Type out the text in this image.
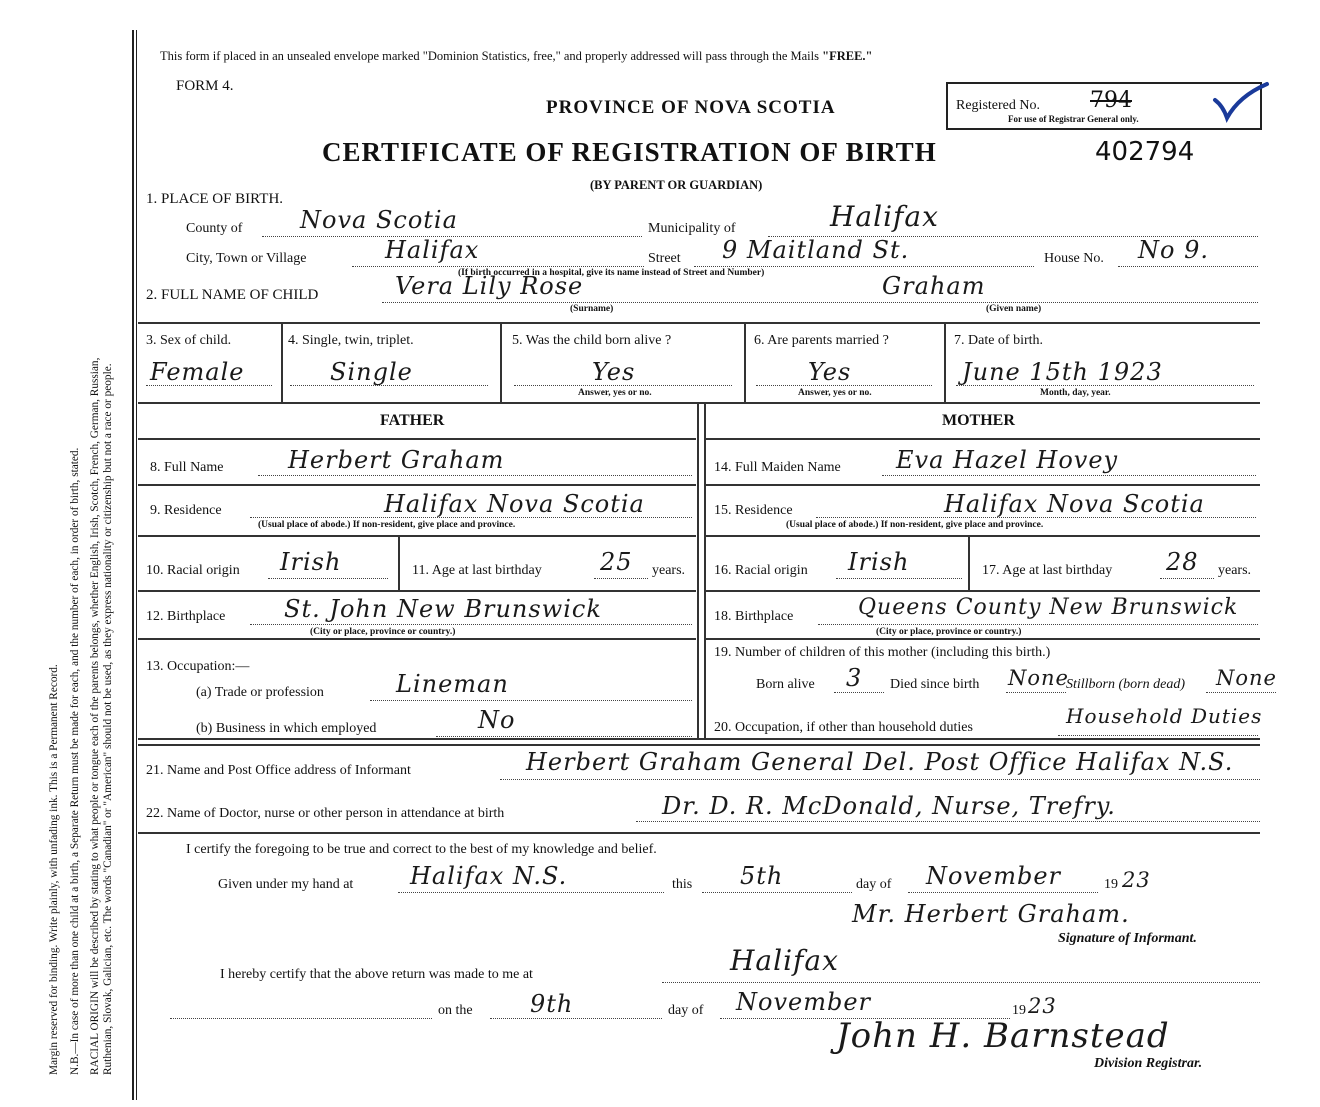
Margin reserved for binding. Write plainly, with unfading ink. This is a Permanent Record. N.B.—In case of more than one child at a birth, a Separate Return must be made for each, and the number of each, in order of birth, stated. RACIAL ORIGIN will be described by stating to what people or tongue each of the parents belongs, whether English, Irish, Scotch, French, German, Russian, Ruthenian, Slovak, Galician, etc. The words "Canadian" or "American" should not be used, as they express nationality or citizenship but not a race or people.
This form if placed in an unsealed envelope marked "Dominion Statistics, free," and properly addressed will pass through the Mails "FREE."
FORM 4.
PROVINCE OF NOVA SCOTIA
CERTIFICATE OF REGISTRATION OF BIRTH	402794
(BY PARENT OR GUARDIAN)
Registered No. 794
For use of Registrar General only.
1. PLACE OF BIRTH.
County of Nova Scotia	Municipality of	Halifax
City, Town or Village	Halifax	Street 9 Maitland St.
(If birth occurred in a hospital, give its name instead of Street and Number)
House No. No 9.
2. FULL NAME OF CHILD	Vera Lily Rose	Graham
(Surname)	(Given name)
3. Sex of child.	4. Single, twin, triplet.	5. Was the child born alive ?	6. Are parents married ?	7. Date of birth.
Female	Single	Yes	Yes	June 15th 1923
Answer, yes or no.	Answer, yes or no.	Month, day, year.
FATHER
8. Full Name	Herbert Graham
9. Residence	Halifax Nova Scotia
(Usual place of abode.) If non-resident, give place and province.
10. Racial origin Irish	11. Age at last birthday 25 years.
12. Birthplace St. John New Brunswick
(City or place, province or country.)
13. Occupation:—
(a) Trade or profession	Lineman
(b) Business in which employed	No
MOTHER
14. Full Maiden Name Eva Hazel Hovey
15. Residence	Halifax Nova Scotia
(Usual place of abode.) If non-resident, give place and province.
16. Racial origin Irish	17. Age at last birthday 28 years.
18. Birthplace	Queens County New Brunswick
(City or place, province or country.)
19. Number of children of this mother (including this birth.)
Born alive 3 Died since birth None
Stillborn (born dead) None
20. Occupation, if other than household duties	Household Duties
21. Name and Post Office address of Informant	Herbert Graham General Del. Post Office Halifax N.S.
22. Name of Doctor, nurse or other person in attendance at birth	Dr. D. R. McDonald, Nurse, Trefry.
I certify the foregoing to be true and correct to the best of my knowledge and belief.
Given under my hand at Halifax N.S.	this 5th	day of November	19 23
Mr. Herbert Graham.
Signature of Informant.
I hereby certify that the above return was made to me at	Halifax
on the 9th	day of November	19 23
John H. Barnstead
Division Registrar.
